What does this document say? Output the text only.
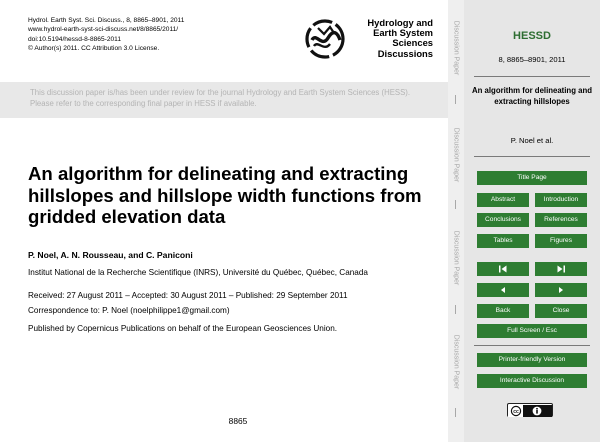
Hydrol. Earth Syst. Sci. Discuss., 8, 8865–8901, 2011
www.hydrol-earth-syst-sci-discuss.net/8/8865/2011/
doi:10.5194/hessd-8-8865-2011
© Author(s) 2011. CC Attribution 3.0 License.
Hydrology and
Earth System
Sciences
Discussions
This discussion paper is/has been under review for the journal Hydrology and Earth System Sciences (HESS). Please refer to the corresponding final paper in HESS if available.
An algorithm for delineating and extracting hillslopes and hillslope width functions from gridded elevation data
P. Noel, A. N. Rousseau, and C. Paniconi
Institut National de la Recherche Scientifique (INRS), Université du Québec, Québec, Canada
Received: 27 August 2011 – Accepted: 30 August 2011 – Published: 29 September 2011
Correspondence to: P. Noel (noelphilippe1@gmail.com)
Published by Copernicus Publications on behalf of the European Geosciences Union.
8865
Discussion Paper
Discussion Paper
Discussion Paper
Discussion Paper
HESSD
8, 8865–8901, 2011
An algorithm for delineating and extracting hillslopes
P. Noel et al.
Title Page
Abstract	Introduction
Conclusions	References
Tables	Figures
Back	Close
Full Screen / Esc
Printer-friendly Version
Interactive Discussion
cc
